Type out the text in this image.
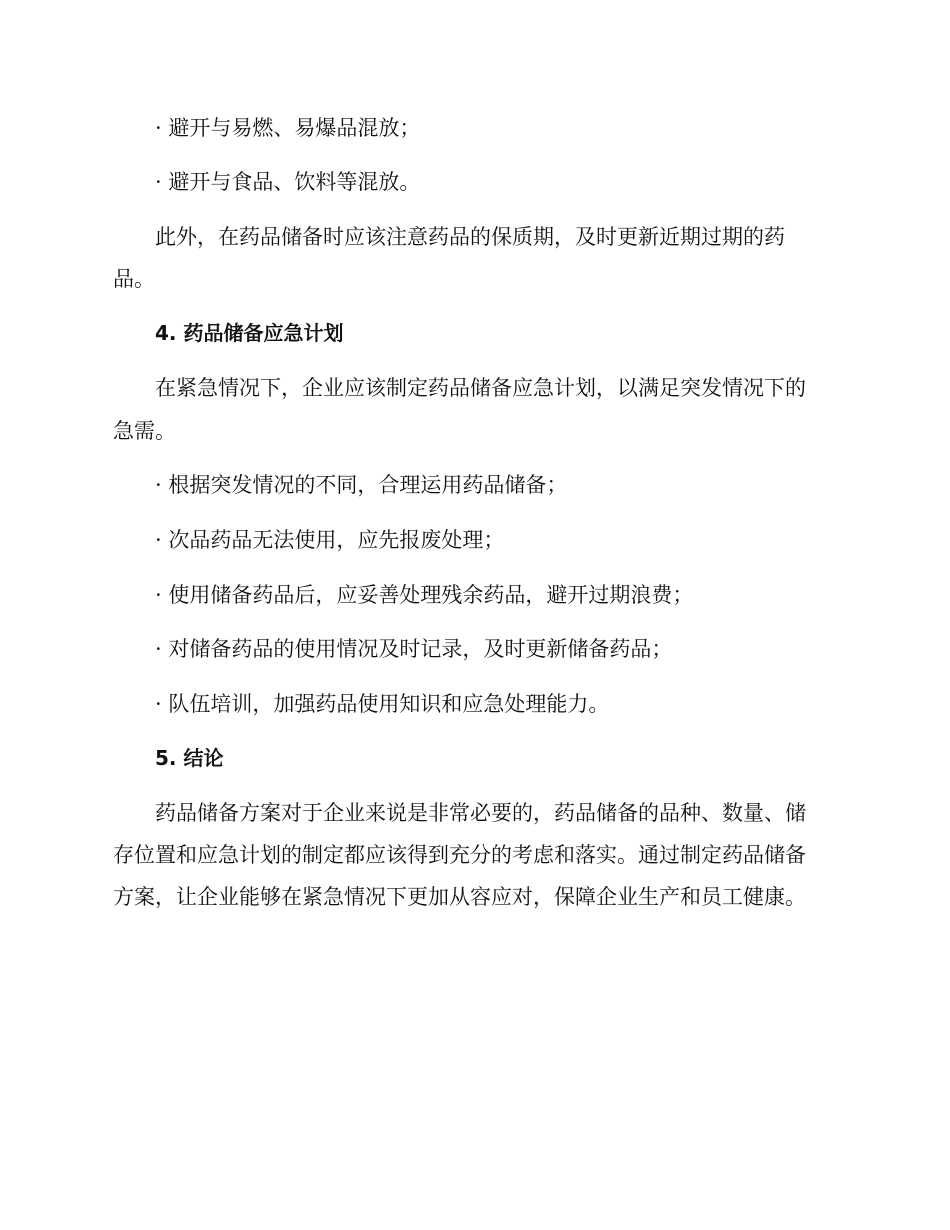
· 避开与易燃、易爆品混放；
· 避开与食品、饮料等混放。
此外，在药品储备时应该注意药品的保质期，及时更新近期过期的药
品。
4. 药品储备应急计划
在紧急情况下，企业应该制定药品储备应急计划，以满足突发情况下的
急需。
· 根据突发情况的不同，合理运用药品储备；
· 次品药品无法使用，应先报废处理；
· 使用储备药品后，应妥善处理残余药品，避开过期浪费；
· 对储备药品的使用情况及时记录，及时更新储备药品；
· 队伍培训，加强药品使用知识和应急处理能力。
5. 结论
药品储备方案对于企业来说是非常必要的，药品储备的品种、数量、储
存位置和应急计划的制定都应该得到充分的考虑和落实。通过制定药品储备
方案，让企业能够在紧急情况下更加从容应对，保障企业生产和员工健康。
